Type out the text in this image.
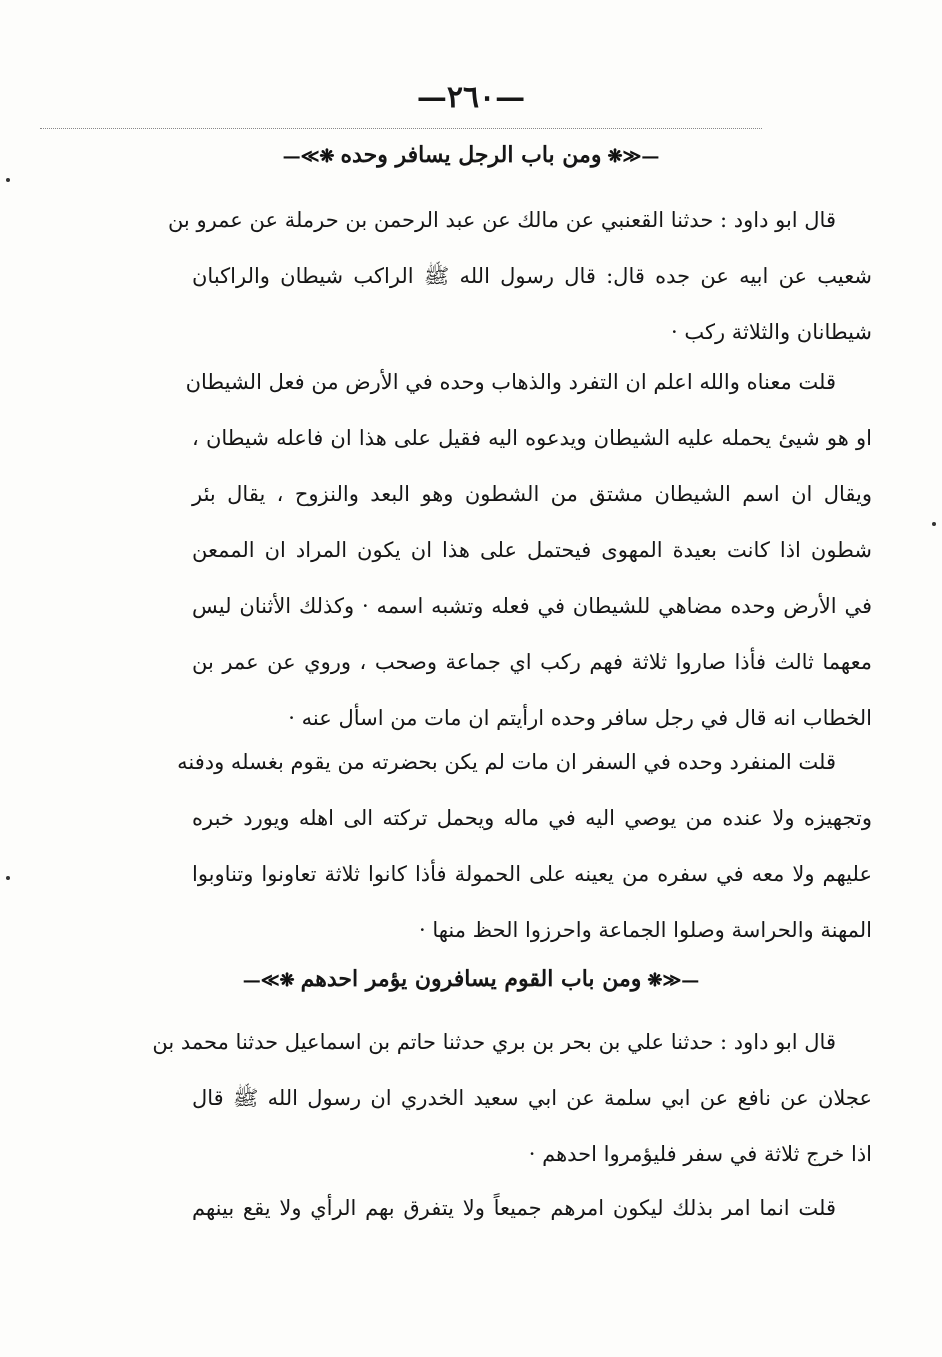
—٢٦٠—
—≪❋ومن باب الرجل يسافر وحده❋≫—
قال ابو داود : حدثنا القعنبي عن مالك عن عبد الرحمن بن حرملة عن عمرو بن
شعيب عن ابيه عن جده قال: قال رسول الله ﷺ الراكب شيطان والراكبان
شيطانان والثلاثة ركب ·
قلت معناه والله اعلم ان التفرد والذهاب وحده في الأرض من فعل الشيطان
او هو شيئ يحمله عليه الشيطان ويدعوه اليه فقيل على هذا ان فاعله شيطان ،
ويقال ان اسم الشيطان مشتق من الشطون وهو البعد والنزوح ، يقال بئر
شطون اذا كانت بعيدة المهوى فيحتمل على هذا ان يكون المراد ان الممعن
في الأرض وحده مضاهي للشيطان في فعله وتشبه اسمه · وكذلك الأثنان ليس
معهما ثالث فأذا صاروا ثلاثة فهم ركب اي جماعة وصحب ، وروي عن عمر بن
الخطاب انه قال في رجل سافر وحده ارأيتم ان مات من اسأل عنه ·
قلت المنفرد وحده في السفر ان مات لم يكن بحضرته من يقوم بغسله ودفنه
وتجهيزه ولا عنده من يوصي اليه في ماله ويحمل تركته الى اهله ويورد خبره
عليهم ولا معه في سفره من يعينه على الحمولة فأذا كانوا ثلاثة تعاونوا وتناوبوا
المهنة والحراسة وصلوا الجماعة واحرزوا الحظ منها ·
—≪❋ومن باب القوم يسافرون يؤمر احدهم❋≫—
قال ابو داود : حدثنا علي بن بحر بن بري حدثنا حاتم بن اسماعيل حدثنا محمد بن
عجلان عن نافع عن ابي سلمة عن ابي سعيد الخدري ان رسول الله ﷺ قال
اذا خرج ثلاثة في سفر فليؤمروا احدهم ·
قلت انما امر بذلك ليكون امرهم جميعاً ولا يتفرق بهم الرأي ولا يقع بينهم
